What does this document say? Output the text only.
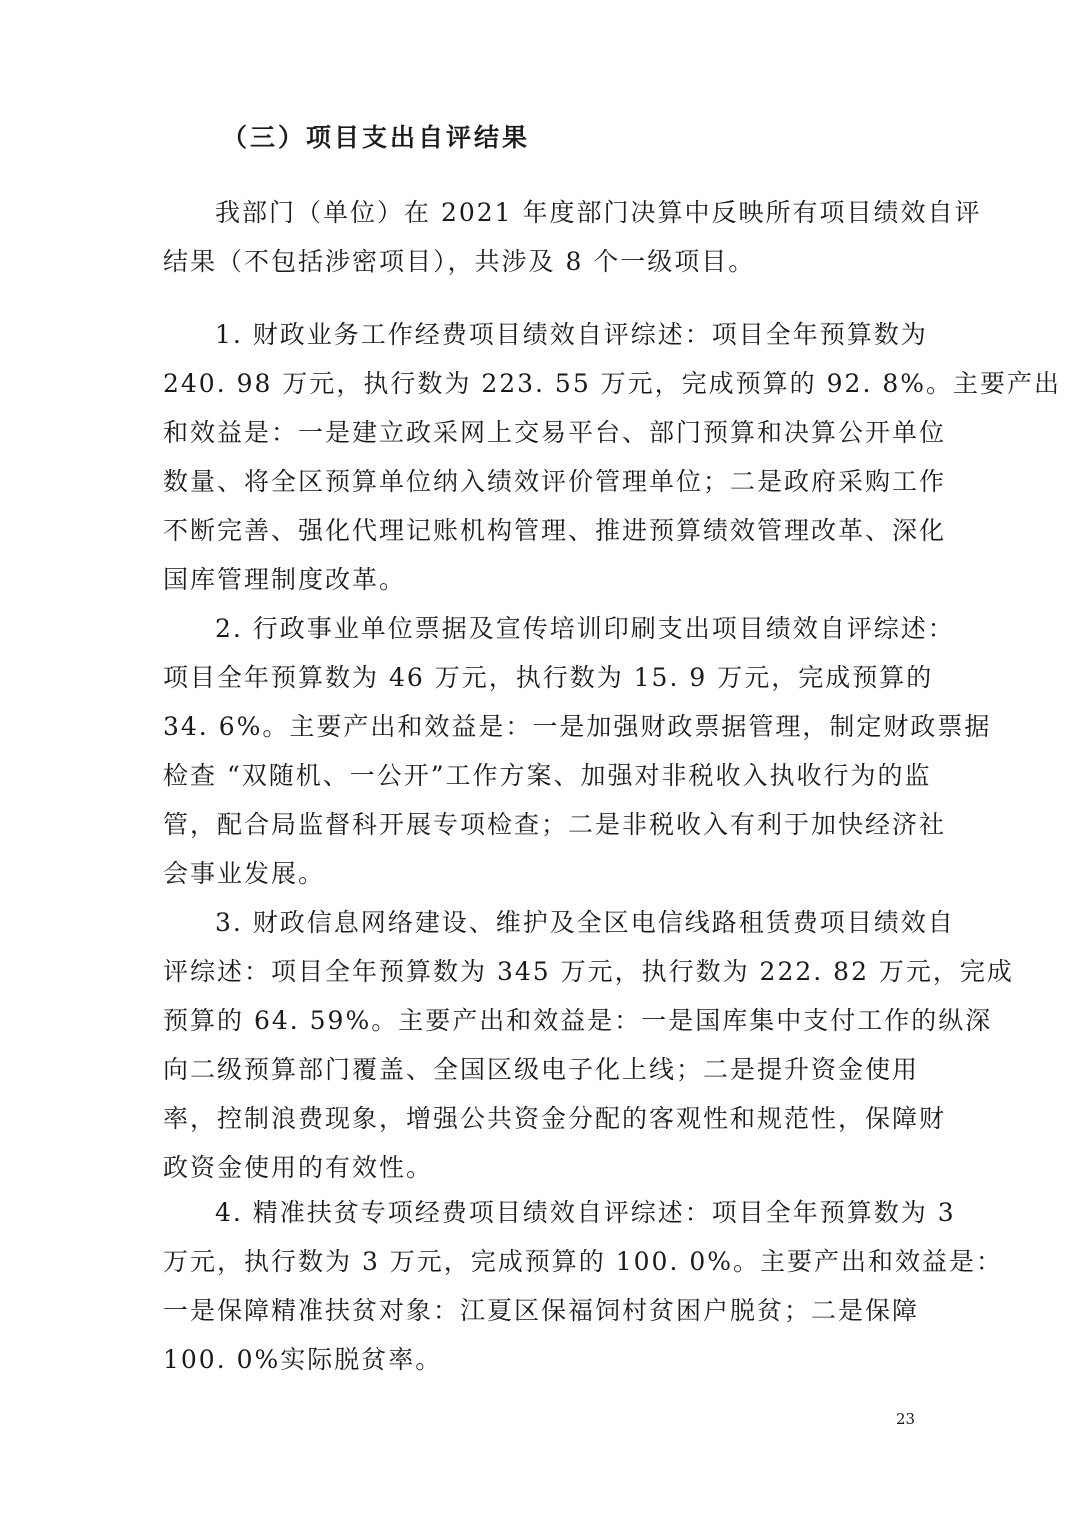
（三）项目支出自评结果

我部门（单位）在 2021 年度部门决算中反映所有项目绩效自评
结果（不包括涉密项目），共涉及 8 个一级项目。

1. 财政业务工作经费项目绩效自评综述：项目全年预算数为
240. 98 万元，执行数为 223. 55 万元，完成预算的 92. 8%。主要产出
和效益是：一是建立政采网上交易平台、部门预算和决算公开单位
数量、将全区预算单位纳入绩效评价管理单位；二是政府采购工作
不断完善、强化代理记账机构管理、推进预算绩效管理改革、深化
国库管理制度改革。

2. 行政事业单位票据及宣传培训印刷支出项目绩效自评综述：
项目全年预算数为 46 万元，执行数为 15. 9 万元，完成预算的
34. 6%。主要产出和效益是：一是加强财政票据管理，制定财政票据
检查 “双随机、一公开”工作方案、加强对非税收入执收行为的监
管，配合局监督科开展专项检查；二是非税收入有利于加快经济社
会事业发展。

3. 财政信息网络建设、维护及全区电信线路租赁费项目绩效自
评综述：项目全年预算数为 345 万元，执行数为 222. 82 万元，完成
预算的 64. 59%。主要产出和效益是：一是国库集中支付工作的纵深
向二级预算部门覆盖、全国区级电子化上线；二是提升资金使用
率，控制浪费现象，增强公共资金分配的客观性和规范性，保障财
政资金使用的有效性。

4. 精准扶贫专项经费项目绩效自评综述：项目全年预算数为 3
万元，执行数为 3 万元，完成预算的 100. 0%。主要产出和效益是：
一是保障精准扶贫对象：江夏区保福饲村贫困户脱贫；二是保障
100. 0%实际脱贫率。

23
